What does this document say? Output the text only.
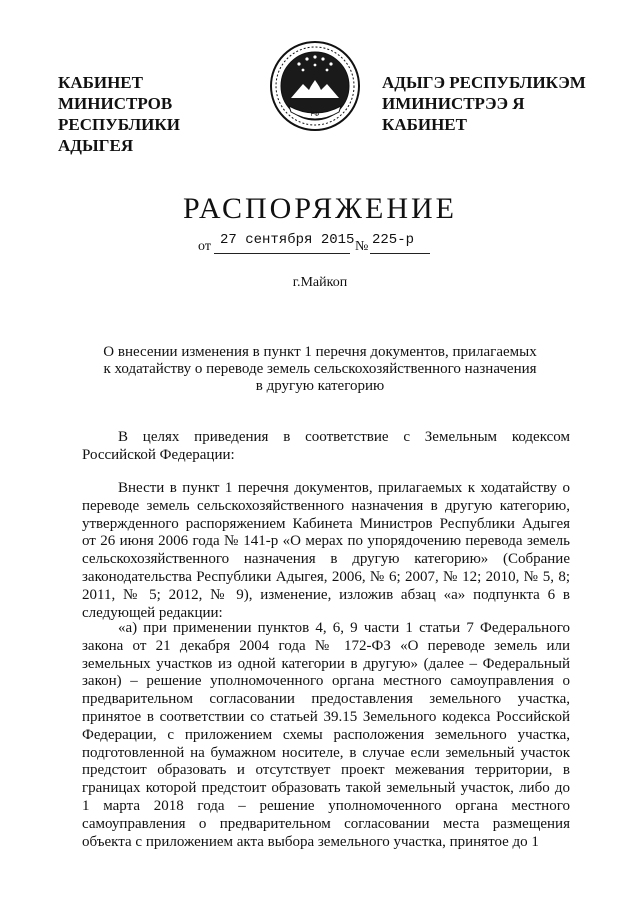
КАБИНЕТ МИНИСТРОВ
РЕСПУБЛИКИ АДЫГЕЯ
РФ
АДЫГЭ РЕСПУБЛИКЭМ
ИМИНИСТРЭЭ Я КАБИНЕТ
РАСПОРЯЖЕНИЕ
от 27 сентября 2015 № 225-р
г.Майкоп
О внесении изменения в пункт 1 перечня документов, прилагаемых к ходатайству о переводе земель сельскохозяйственного назначения в другую категорию
В целях приведения в соответствие с Земельным кодексом Российской Федерации:
Внести в пункт 1 перечня документов, прилагаемых к ходатайству о переводе земель сельскохозяйственного назначения в другую категорию, утвержденного распоряжением Кабинета Министров Республики Адыгея от 26 июня 2006 года № 141-р «О мерах по упорядочению перевода земель сельскохозяйственного назначения в другую категорию» (Собрание законодательства Республики Адыгея, 2006, № 6; 2007, № 12; 2010, № 5, 8; 2011, № 5; 2012, № 9), изменение, изложив абзац «а» подпункта 6 в следующей редакции:
«а) при применении пунктов 4, 6, 9 части 1 статьи 7 Федерального закона от 21 декабря 2004 года № 172-ФЗ «О переводе земель или земельных участков из одной категории в другую» (далее – Федеральный закон) – решение уполномоченного органа местного самоуправления о предварительном согласовании предоставления земельного участка, принятое в соответствии со статьей 39.15 Земельного кодекса Российской Федерации, с приложением схемы расположения земельного участка, подготовленной на бумажном носителе, в случае если земельный участок предстоит образовать и отсутствует проект межевания территории, в границах которой предстоит образовать такой земельный участок, либо до 1 марта 2018 года – решение уполномоченного органа местного самоуправления о предварительном согласовании места размещения объекта с приложением акта выбора земельного участка, принятое до 1
